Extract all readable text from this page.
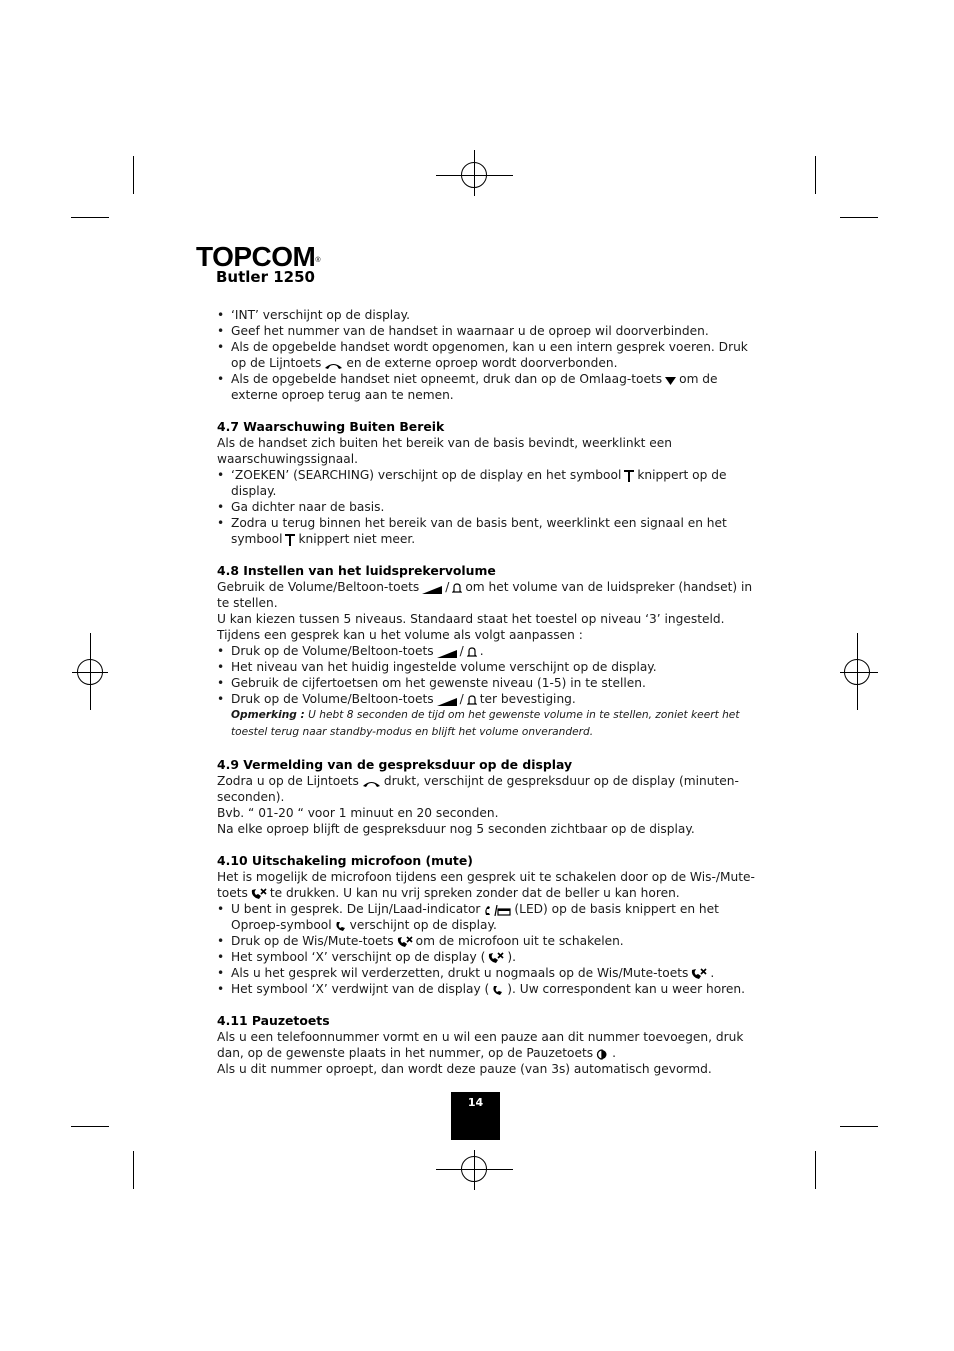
TOPCOM®
Butler 1250
• ‘INT’ verschijnt op de display.
• Geef het nummer van de handset in waarnaar u de oproep wil doorverbinden.
• Als de opgebelde handset wordt opgenomen, kan u een intern gesprek voeren. Druk op de Lijntoets en de externe oproep wordt doorverbonden.
• Als de opgebelde handset niet opneemt, druk dan op de Omlaag-toets om de externe oproep terug aan te nemen.
4.7 Waarschuwing Buiten Bereik

Als de handset zich buiten het bereik van de basis bevindt, weerklinkt een waarschuwingssignaal.

• ‘ZOEKEN’ (SEARCHING) verschijnt op de display en het symbool knippert op de display.
• Ga dichter naar de basis.
• Zodra u terug binnen het bereik van de basis bent, weerklinkt een signaal en het symbool knippert niet meer.
4.8 Instellen van het luidsprekervolume

Gebruik de Volume/Beltoon-toets / om het volume van de luidspreker (handset) in te stellen.

U kan kiezen tussen 5 niveaus. Standaard staat het toestel op niveau ‘3’ ingesteld.

Tijdens een gesprek kan u het volume als volgt aanpassen :

• Druk op de Volume/Beltoon-toets / .
• Het niveau van het huidig ingestelde volume verschijnt op de display.
• Gebruik de cijfertoetsen om het gewenste niveau (1-5) in te stellen.
• Druk op de Volume/Beltoon-toets / ter bevestiging.

Opmerking : U hebt 8 seconden de tijd om het gewenste volume in te stellen, zoniet keert het toestel terug naar standby-modus en blijft het volume onveranderd.

4.9 Vermelding van de gespreksduur op de display

Zodra u op de Lijntoets drukt, verschijnt de gespreksduur op de display (minuten-seconden).

Bvb. “ 01-20 “ voor 1 minuut en 20 seconden.

Na elke oproep blijft de gespreksduur nog 5 seconden zichtbaar op de display.

4.10 Uitschakeling microfoon (mute)

Het is mogelijk de microfoon tijdens een gesprek uit te schakelen door op de Wis-/Mute-toets te drukken. U kan nu vrij spreken zonder dat de beller u kan horen.

• U bent in gesprek. De Lijn/Laad-indicator	(LED) op de basis knippert en het Oproep-symbool verschijnt op de display.
• Druk op de Wis/Mute-toets om de microfoon uit te schakelen.
• Het symbool ‘X’ verschijnt op de display ( ).
• Als u het gesprek wil verderzetten, drukt u nogmaals op de Wis/Mute-toets .
• Het symbool ‘X’ verdwijnt van de display ( ). Uw correspondent kan u weer horen.
4.11 Pauzetoets

Als u een telefoonnummer vormt en u wil een pauze aan dit nummer toevoegen, druk dan, op de gewenste plaats in het nummer, op de Pauzetoets .

Als u dit nummer oproept, dan wordt deze pauze (van 3s) automatisch gevormd.

14
